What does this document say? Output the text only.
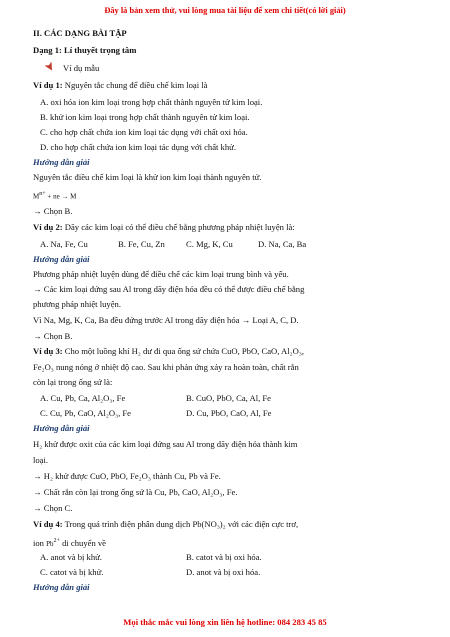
Đây là bản xem thử, vui lòng mua tài liệu để xem chi tiết(có lời giải)
II. CÁC DẠNG BÀI TẬP
Dạng 1: Lí thuyết trọng tâm
Ví dụ mẫu
Ví dụ 1: Nguyên tắc chung để điều chế kim loại là
A. oxi hóa ion kim loại trong hợp chất thành nguyên tử kim loại.
B. khử ion kim loại trong hợp chất thành nguyên tử kim loại.
C. cho hợp chất chứa ion kim loại tác dụng với chất oxi hóa.
D. cho hợp chất chứa ion kim loại tác dụng với chất khử.
Hướng dẫn giải
Nguyên tắc điều chế kim loại là khử ion kim loại thành nguyên tử.
$M^{n+}$ + ne → M
→ Chọn B.
Ví dụ 2: Dãy các kim loại có thể điều chế bằng phương pháp nhiệt luyện là:
A. Na, Fe, Cu	B. Fe, Cu, Zn C. Mg, K, Cu	D. Na, Ca, Ba
Hướng dẫn giải
Phương pháp nhiệt luyện dùng để điều chế các kim loại trung bình và yếu.
→ Các kim loại đứng sau Al trong dãy điện hóa đều có thể được điều chế bằng
phương pháp nhiệt luyện.
Vì Na, Mg, K, Ca, Ba đều đứng trước Al trong dãy điện hóa → Loại A, C, D.
→ Chọn B.
Ví dụ 3: Cho một luồng khí H₂ dư đi qua ống sứ chứa CuO, PbO, CaO, Al₂O₃,
Fe₂O₃ nung nóng ở nhiệt độ cao. Sau khi phản ứng xảy ra hoàn toàn, chất rắn
còn lại trong ống sứ là:
A. Cu, Pb, Ca, Al₂O₃, Fe	B. CuO, PbO, Ca, Al, Fe
C. Cu, Pb, CaO, Al₂O₃, Fe	D. Cu, PbO, CaO, Al, Fe
Hướng dẫn giải
H₂ khử được oxit của các kim loại đứng sau Al trong dãy điện hóa thành kim
loại.
→ H₂ khử được CuO, PbO, Fe₂O₃ thành Cu, Pb và Fe.
→ Chất rắn còn lại trong ống sứ là Cu, Pb, CaO, Al₂O₃, Fe.
→ Chọn C.
Ví dụ 4: Trong quá trình điện phân dung dịch Pb(NO₃)₂ với các điện cực trơ,
ion $Pb^{2+}$ di chuyển về
A. anot và bị khử.	B. catot và bị oxi hóa.
C. catot và bị khử.	D. anot và bị oxi hóa.
Hướng dẫn giải
Mọi thắc mắc vui lòng xin liên hệ hotline: 084 283 45 85
